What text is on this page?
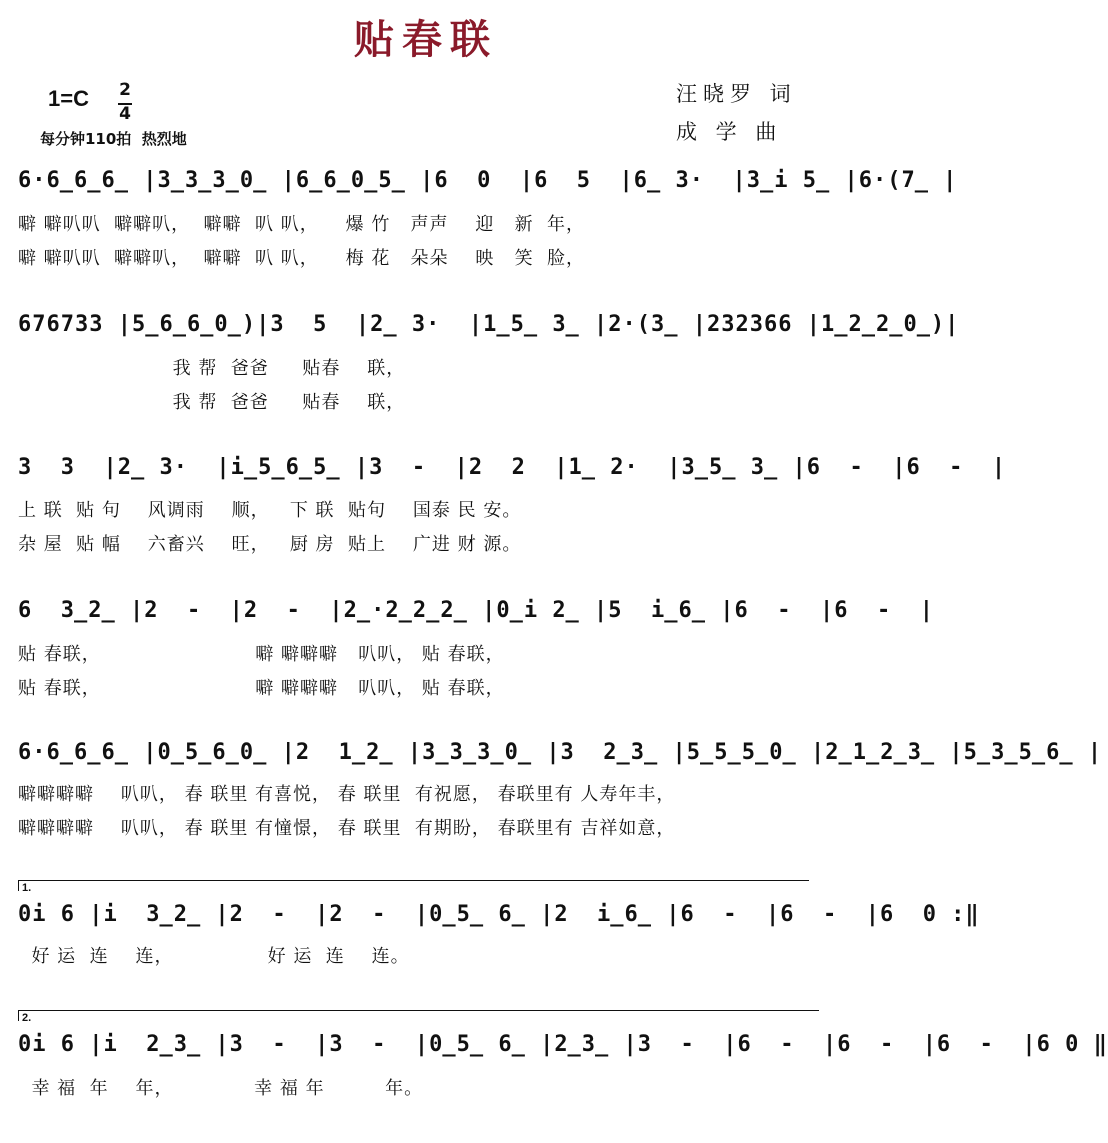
贴春联
1=C 2
4
每分钟110拍  热烈地
汪晓罗 词
成 学 曲
6·6̲6̲6̲ |3̲3̲3̲0̲ |6̲6̲0̲5̲ |6  0  |6  5  |6̲ 3·  |3̲i 5̲ |6·(7̲ |
噼 噼叭叭  噼噼叭，  噼噼  叭 叭，    爆 竹   声声    迎   新  年，
噼 噼叭叭  噼噼叭，  噼噼  叭 叭，    梅 花   朵朵    映   笑  脸，
676733 |5̲6̲6̲0̲)|3  5  |2̲ 3·  |1̲5̲ 3̲ |2·(3̲ |232366 |1̲2̲2̲0̲)|
我 帮  爸爸     贴春    联，
我 帮  爸爸     贴春    联，
3  3  |2̲ 3·  |i̲5̲6̲5̲ |3  -  |2  2  |1̲ 2·  |3̲5̲ 3̲ |6  -  |6  -  |
上 联  贴 句    风调雨    顺，   下 联  贴句    国泰 民 安。
杂 屋  贴 幅    六畜兴    旺，   厨 房  贴上    广进 财 源。
6  3̲2̲ |2  -  |2  -  |2̲·2̲2̲2̲ |0̲i 2̲ |5  i̲6̲ |6  -  |6  -  |
贴 春联，                       噼 噼噼噼   叭叭， 贴 春联，
贴 春联，                       噼 噼噼噼   叭叭， 贴 春联，
6·6̲6̲6̲ |0̲5̲6̲0̲ |2  1̲2̲ |3̲3̲3̲0̲ |3  2̲3̲ |5̲5̲5̲0̲ |2̲1̲2̲3̲ |5̲3̲5̲6̲ |
噼噼噼噼    叭叭， 春 联里 有喜悦， 春 联里  有祝愿， 春联里有 人寿年丰，
噼噼噼噼    叭叭， 春 联里 有憧憬， 春 联里  有期盼， 春联里有 吉祥如意，
1.
0i 6 |i  3̲2̲ |2  -  |2  -  |0̲5̲ 6̲ |2  i̲6̲ |6  -  |6  -  |6  0 :‖
好 运  连    连，              好 运  连    连。
2.
0i 6 |i  2̲3̲ |3  -  |3  -  |0̲5̲ 6̲ |2̲3̲ |3  -  |6  -  |6  -  |6  -  |6 0 ‖
幸 福  年    年，            幸 福 年         年。
